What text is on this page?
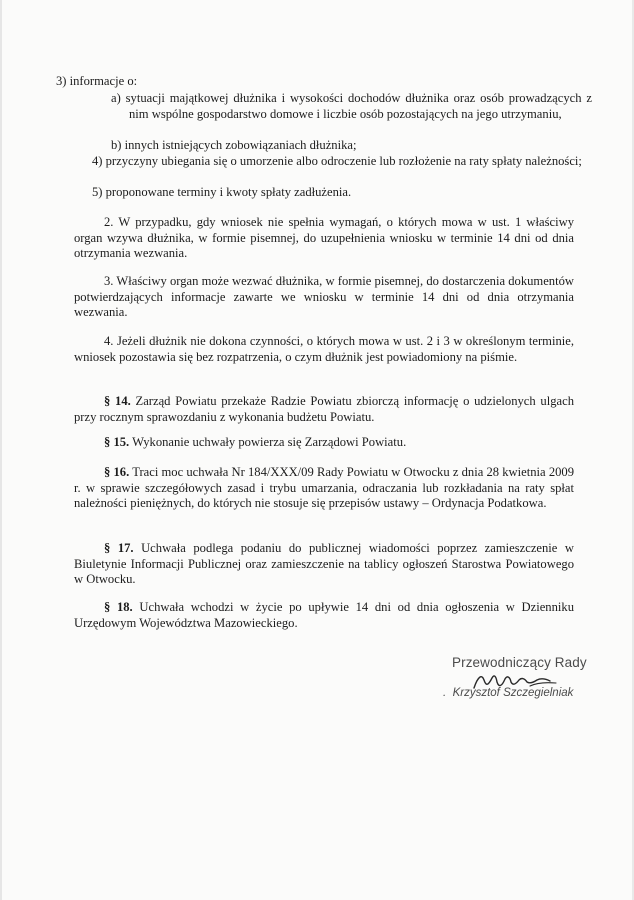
3) informacje o:
a) sytuacji majątkowej dłużnika i wysokości dochodów dłużnika oraz osób prowadzących z nim wspólne gospodarstwo domowe i liczbie osób pozostających na jego utrzymaniu,
b) innych istniejących zobowiązaniach dłużnika;
4) przyczyny ubiegania się o umorzenie albo odroczenie lub rozłożenie na raty spłaty należności;
5) proponowane terminy i kwoty spłaty zadłużenia.
2. W przypadku, gdy wniosek nie spełnia wymagań, o których mowa w ust. 1 właściwy organ wzywa dłużnika, w formie pisemnej, do uzupełnienia wniosku w terminie 14 dni od dnia otrzymania wezwania.
3. Właściwy organ może wezwać dłużnika, w formie pisemnej, do dostarczenia dokumentów potwierdzających informacje zawarte we wniosku w terminie 14 dni od dnia otrzymania wezwania.
4. Jeżeli dłużnik nie dokona czynności, o których mowa w ust. 2 i 3 w określonym terminie, wniosek pozostawia się bez rozpatrzenia, o czym dłużnik jest powiadomiony na piśmie.
§ 14. Zarząd Powiatu przekaże Radzie Powiatu zbiorczą informację o udzielonych ulgach przy rocznym sprawozdaniu z wykonania budżetu Powiatu.
§ 15. Wykonanie uchwały powierza się Zarządowi Powiatu.
§ 16. Traci moc uchwała Nr 184/XXX/09 Rady Powiatu w Otwocku z dnia 28 kwietnia 2009 r. w sprawie szczegółowych zasad i trybu umarzania, odraczania lub rozkładania na raty spłat należności pieniężnych, do których nie stosuje się przepisów ustawy – Ordynacja Podatkowa.
§ 17. Uchwała podlega podaniu do publicznej wiadomości poprzez zamieszczenie w Biuletynie Informacji Publicznej oraz zamieszczenie na tablicy ogłoszeń Starostwa Powiatowego w Otwocku.
§ 18. Uchwała wchodzi w życie po upływie 14 dni od dnia ogłoszenia w Dzienniku Urzędowym Województwa Mazowieckiego.
Przewodniczący Rady
.  Krzysztof Szczegielniak
